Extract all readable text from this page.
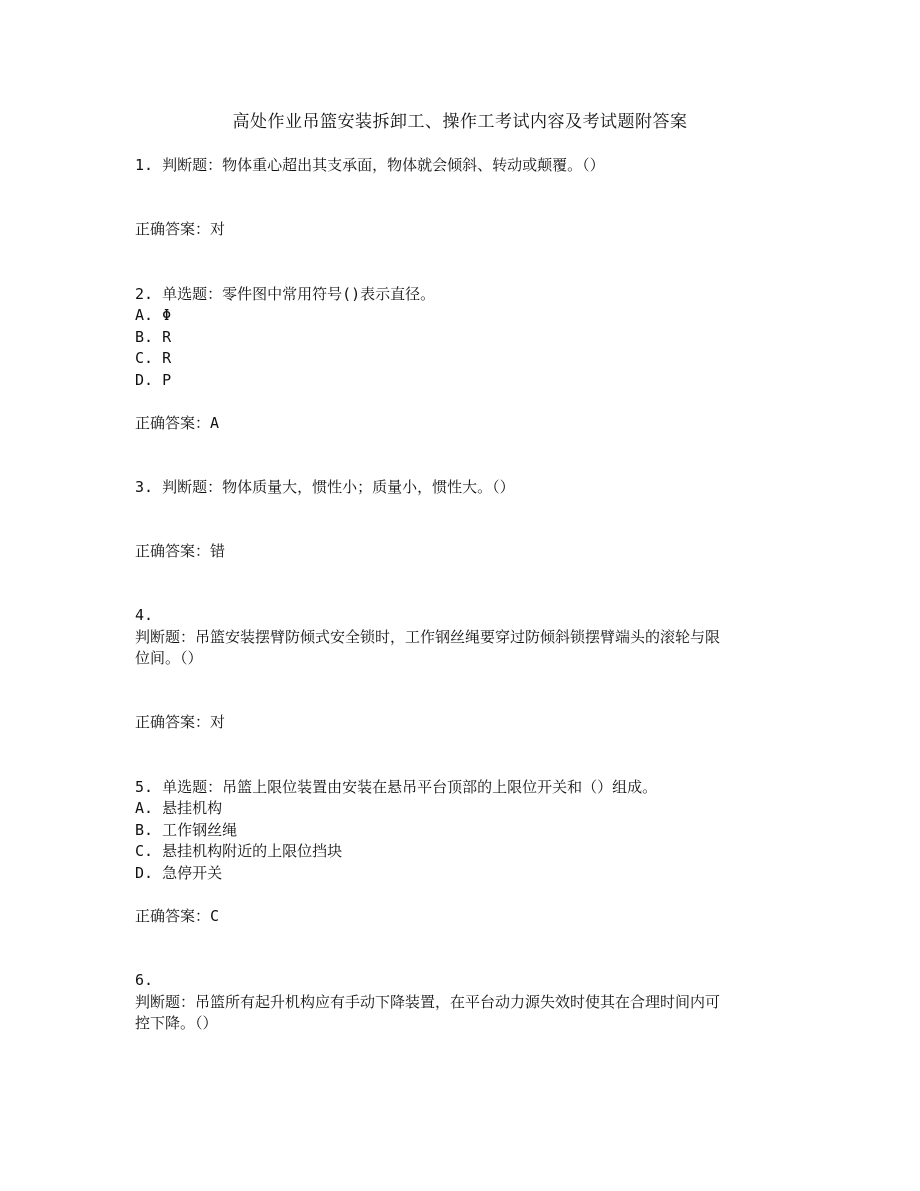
高处作业吊篮安装拆卸工、操作工考试内容及考试题附答案
1. 判断题：物体重心超出其支承面，物体就会倾斜、转动或颠覆。（）
正确答案：对
2. 单选题：零件图中常用符号()表示直径。
A. Φ
B. R
C. R
D. P
正确答案：A
3. 判断题：物体质量大，惯性小；质量小，惯性大。（）
正确答案：错
4.
判断题：吊篮安装摆臂防倾式安全锁时，工作钢丝绳要穿过防倾斜锁摆臂端头的滚轮与限
位间。（）
正确答案：对
5. 单选题：吊篮上限位装置由安装在悬吊平台顶部的上限位开关和（）组成。
A. 悬挂机构
B. 工作钢丝绳
C. 悬挂机构附近的上限位挡块
D. 急停开关
正确答案：C
6.
判断题：吊篮所有起升机构应有手动下降装置，在平台动力源失效时使其在合理时间内可
控下降。（）
